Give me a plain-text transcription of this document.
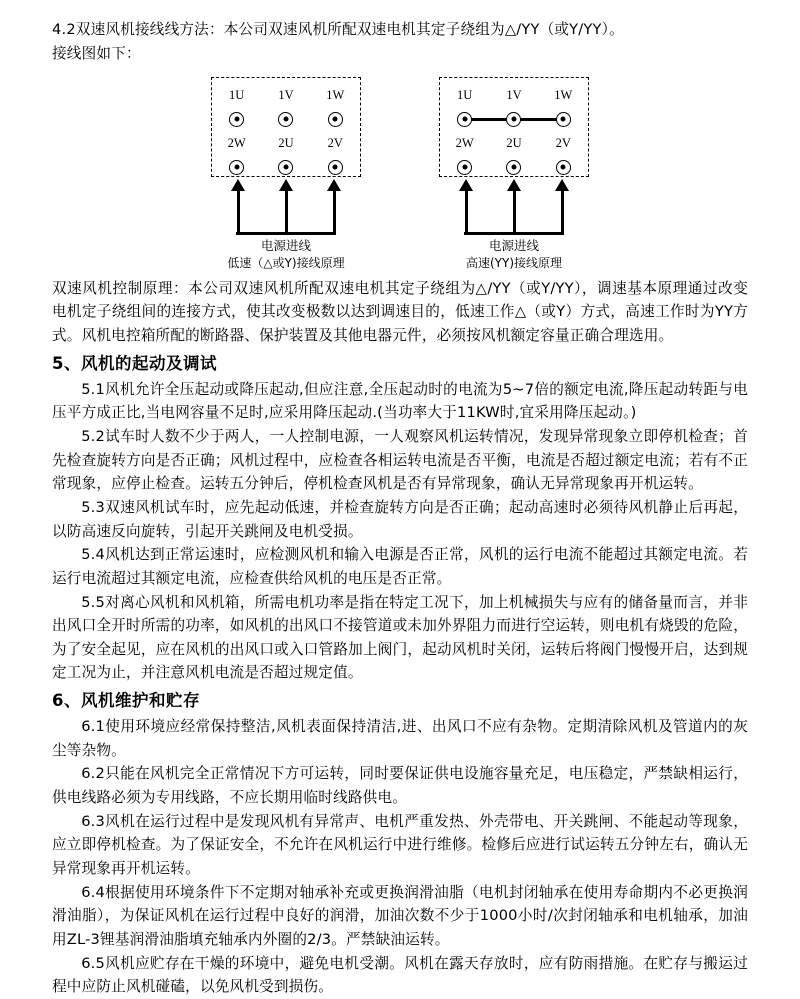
4.2双速风机接线线方法：本公司双速风机所配双速电机其定子绕组为△/YY（或Y/YY）。

接线图如下：

1U	1V	1W
2W	2U	2V
电源进线
低速（△或Y)接线原理
1U	1V	1W
2W	2U	2V
电源进线
高速(YY)接线原理

双速风机控制原理：本公司双速风机所配双速电机其定子绕组为△/YY（或Y/YY），调速基本原理通过改变电机定子绕组间的连接方式，使其改变极数以达到调速目的，低速工作△（或Y）方式，高速工作时为YY方式。风机电控箱所配的断路器、保护装置及其他电器元件，必须按风机额定容量正确合理选用。

5、风机的起动及调试

5.1风机允许全压起动或降压起动,但应注意,全压起动时的电流为5~7倍的额定电流,降压起动转距与电压平方成正比,当电网容量不足时,应采用降压起动.(当功率大于11KW时,宜采用降压起动。)

5.2试车时人数不少于两人，一人控制电源，一人观察风机运转情况，发现异常现象立即停机检查；首先检查旋转方向是否正确；风机过程中，应检查各相运转电流是否平衡，电流是否超过额定电流；若有不正常现象，应停止检查。运转五分钟后，停机检查风机是否有异常现象，确认无异常现象再开机运转。

5.3双速风机试车时，应先起动低速，并检查旋转方向是否正确；起动高速时必须待风机静止后再起，以防高速反向旋转，引起开关跳闸及电机受损。

5.4风机达到正常运速时，应检测风机和输入电源是否正常，风机的运行电流不能超过其额定电流。若运行电流超过其额定电流，应检查供给风机的电压是否正常。

5.5对离心风机和风机箱，所需电机功率是指在特定工况下，加上机械损失与应有的储备量而言，并非出风口全开时所需的功率，如风机的出风口不接管道或未加外界阻力而进行空运转，则电机有烧毁的危险，为了安全起见，应在风机的出风口或入口管路加上阀门，起动风机时关闭，运转后将阀门慢慢开启，达到规定工况为止，并注意风机电流是否超过规定值。

6、风机维护和贮存

6.1使用环境应经常保持整洁,风机表面保持清洁,进、出风口不应有杂物。定期清除风机及管道内的灰尘等杂物。

6.2只能在风机完全正常情况下方可运转，同时要保证供电设施容量充足，电压稳定，严禁缺相运行，供电线路必须为专用线路，不应长期用临时线路供电。

6.3风机在运行过程中是发现风机有异常声、电机严重发热、外壳带电、开关跳闸、不能起动等现象，应立即停机检查。为了保证安全，不允许在风机运行中进行维修。检修后应进行试运转五分钟左右，确认无异常现象再开机运转。

6.4根据使用环境条件下不定期对轴承补充或更换润滑油脂（电机封闭轴承在使用寿命期内不必更换润滑油脂），为保证风机在运行过程中良好的润滑，加油次数不少于1000小时/次封闭轴承和电机轴承，加油用ZL-3锂基润滑油脂填充轴承内外圈的2/3。严禁缺油运转。

6.5风机应贮存在干燥的环境中，避免电机受潮。风机在露天存放时，应有防雨措施。在贮存与搬运过程中应防止风机碰磕，以免风机受到损伤。
